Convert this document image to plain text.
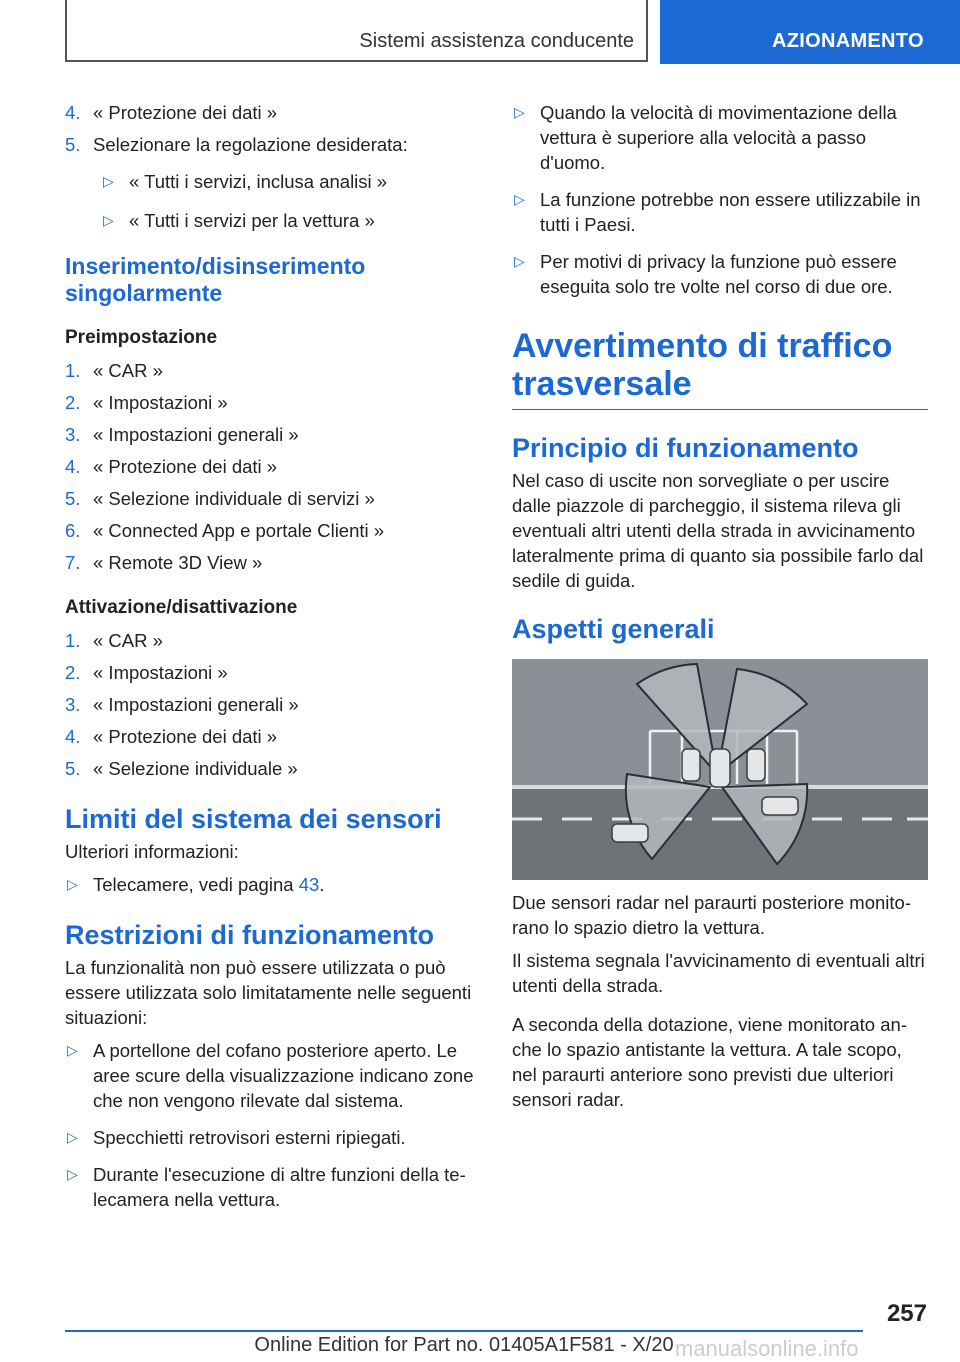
Sistemi assistenza conducente	AZIONAMENTO
4. « Protezione dei dati »
5. Selezionare la regolazione desiderata:
▷ « Tutti i servizi, inclusa analisi »
▷ « Tutti i servizi per la vettura »
Inserimento/disinserimento singolarmente
Preimpostazione
1. « CAR »
2. « Impostazioni »
3. « Impostazioni generali »
4. « Protezione dei dati »
5. « Selezione individuale di servizi »
6. « Connected App e portale Clienti »
7. « Remote 3D View »
Attivazione/disattivazione
1. « CAR »
2. « Impostazioni »
3. « Impostazioni generali »
4. « Protezione dei dati »
5. « Selezione individuale »
Limiti del sistema dei sensori

Ulteriori informazioni:

▷ Telecamere, vedi pagina 43.
Restrizioni di funzionamento

La funzionalità non può essere utilizzata o può essere utilizzata solo limitatamente nelle seguenti situazioni:

▷ A portellone del cofano posteriore aperto. Le aree scure della visualizzazione indicano zone che non vengono rilevate dal sistema.
▷ Specchietti retrovisori esterni ripiegati.
▷ Durante l'esecuzione di altre funzioni della telecamera nella vettura.
▷ Quando la velocità di movimentazione della vettura è superiore alla velocità a passo d'uomo.
▷ La funzione potrebbe non essere utilizzabile in tutti i Paesi.
▷ Per motivi di privacy la funzione può essere eseguita solo tre volte nel corso di due ore.
Avvertimento di traffico trasversale
Principio di funzionamento

Nel caso di uscite non sorvegliate o per uscire dalle piazzole di parcheggio, il sistema rileva gli eventuali altri utenti della strada in avvicinamento lateralmente prima di quanto sia possibile farlo dal sedile di guida.

Aspetti generali

Due sensori radar nel paraurti posteriore monitorano lo spazio dietro la vettura.

Il sistema segnala l'avvicinamento di eventuali altri utenti della strada.

A seconda della dotazione, viene monitorato anche lo spazio antistante la vettura. A tale scopo, nel paraurti anteriore sono previsti due ulteriori sensori radar.

257
Online Edition for Part no. 01405A1F581 - X/20 manualsonline.info
